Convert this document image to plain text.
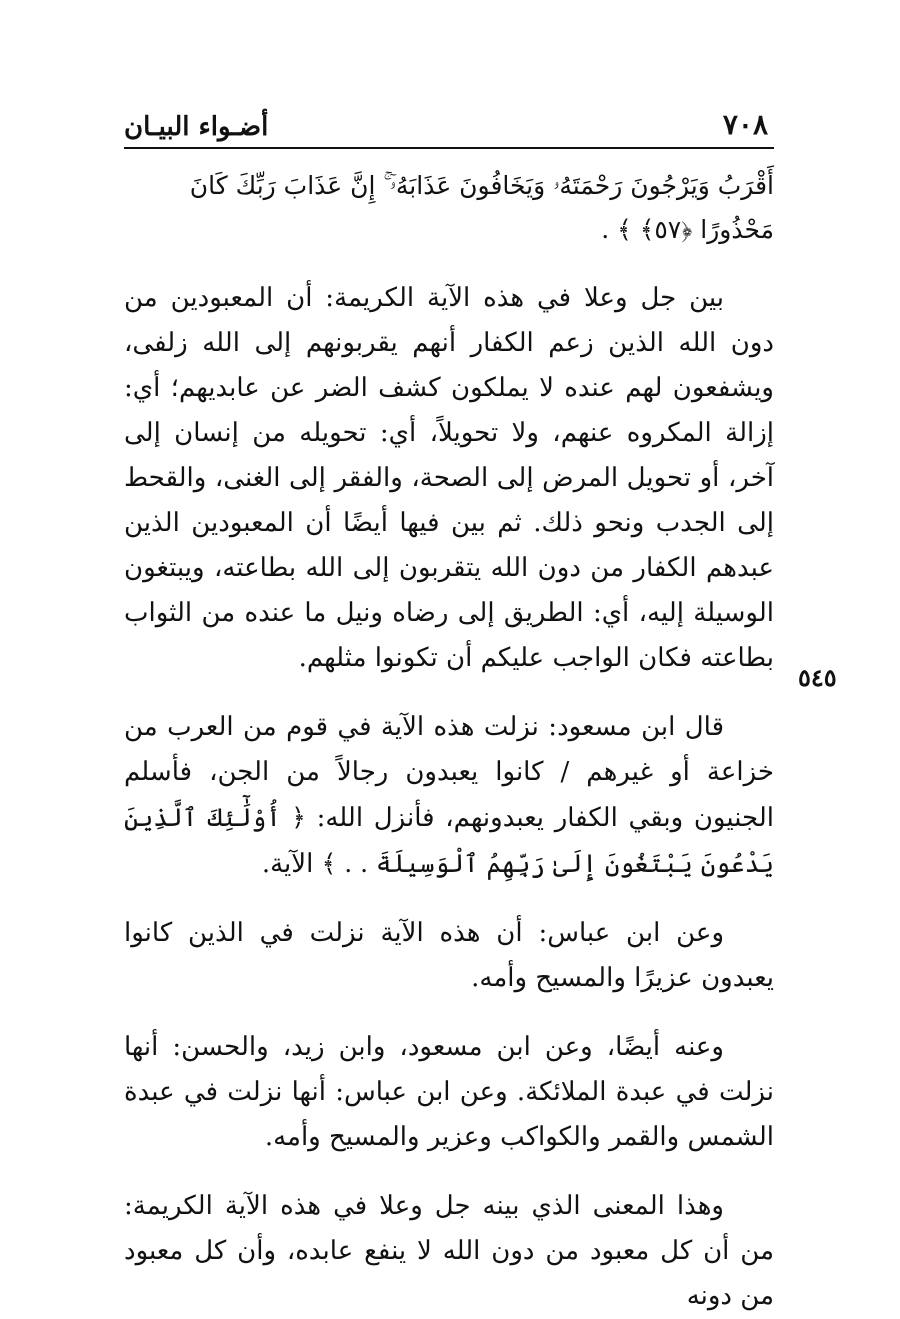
٧٠٨
أضـواء البيـان
٥٤٥

أَقْرَبُ وَيَرْجُونَ رَحْمَتَهُۥ وَيَخَافُونَ عَذَابَهُۥٓ ۚ إِنَّ عَذَابَ رَبِّكَ كَانَ مَحْذُورًا ﴿٥٧﴾ ﴾ .

بين جل وعلا في هذه الآية الكريمة: أن المعبودين من دون الله الذين زعم الكفار أنهم يقربونهم إلى الله زلفى، ويشفعون لهم عنده لا يملكون كشف الضر عن عابديهم؛ أي: إزالة المكروه عنهم، ولا تحويلاً، أي: تحويله من إنسان إلى آخر، أو تحويل المرض إلى الصحة، والفقر إلى الغنى، والقحط إلى الجدب ونحو ذلك. ثم بين فيها أيضًا أن المعبودين الذين عبدهم الكفار من دون الله يتقربون إلى الله بطاعته، ويبتغون الوسيلة إليه، أي: الطريق إلى رضاه ونيل ما عنده من الثواب بطاعته فكان الواجب عليكم أن تكونوا مثلهم.

قال ابن مسعود: نزلت هذه الآية في قوم من العرب من خزاعة أو غيرهم / كانوا يعبدون رجالاً من الجن، فأسلم الجنيون وبقي الكفار يعبدونهم، فأنزل الله: ﴿ أُوْلَٰٓئِكَ ٱلَّذِينَ يَدْعُونَ يَبْتَغُونَ إِلَىٰ رَبِّهِمُ ٱلْوَسِيلَةَ . . ﴾ الآية.

وعن ابن عباس: أن هذه الآية نزلت في الذين كانوا يعبدون عزيرًا والمسيح وأمه.

وعنه أيضًا، وعن ابن مسعود، وابن زيد، والحسن: أنها نزلت في عبدة الملائكة. وعن ابن عباس: أنها نزلت في عبدة الشمس والقمر والكواكب وعزير والمسيح وأمه.

وهذا المعنى الذي بينه جل وعلا في هذه الآية الكريمة: من أن كل معبود من دون الله لا ينفع عابده، وأن كل معبود من دونه
